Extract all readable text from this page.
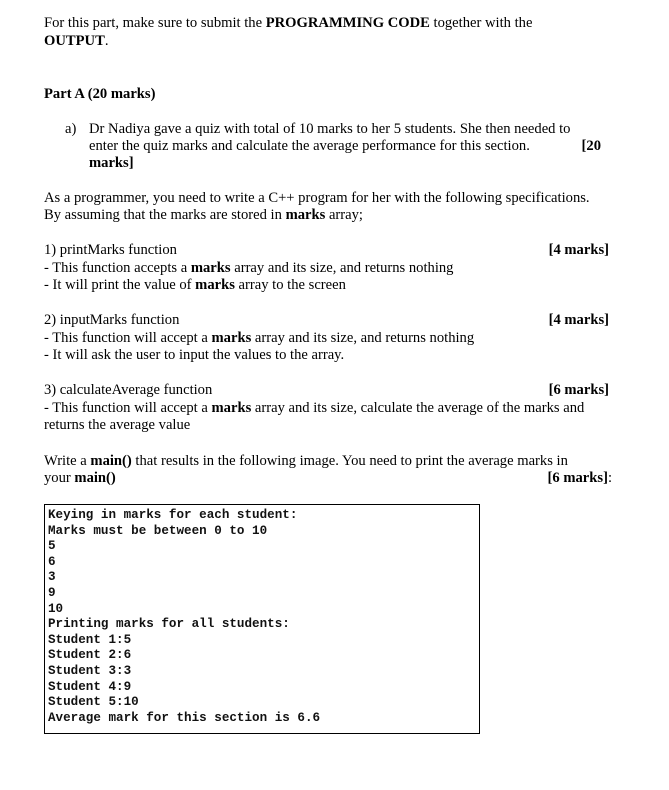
For this part, make sure to submit the PROGRAMMING CODE together with the
OUTPUT.
Part A (20 marks)
a) Dr Nadiya gave a quiz with total of 10 marks to her 5 students. She then needed to
enter the quiz marks and calculate the average performance for this section.	[20
marks]
As a programmer, you need to write a C++ program for her with the following specifications.
By assuming that the marks are stored in marks array;
1) printMarks function	[4 marks]
- This function accepts a marks array and its size, and returns nothing
- It will print the value of marks array to the screen
2) inputMarks function	[4 marks]
- This function will accept a marks array and its size, and returns nothing
- It will ask the user to input the values to the array.
3) calculateAverage function	[6 marks]
- This function will accept a marks array and its size, calculate the average of the marks and
returns the average value
Write a main() that results in the following image. You need to print the average marks in
your main()	[6 marks]:
Keying in marks for each student:
Marks must be between 0 to 10
5
6
3
9
10
Printing marks for all students:
Student 1:5
Student 2:6
Student 3:3
Student 4:9
Student 5:10
Average mark for this section is 6.6
